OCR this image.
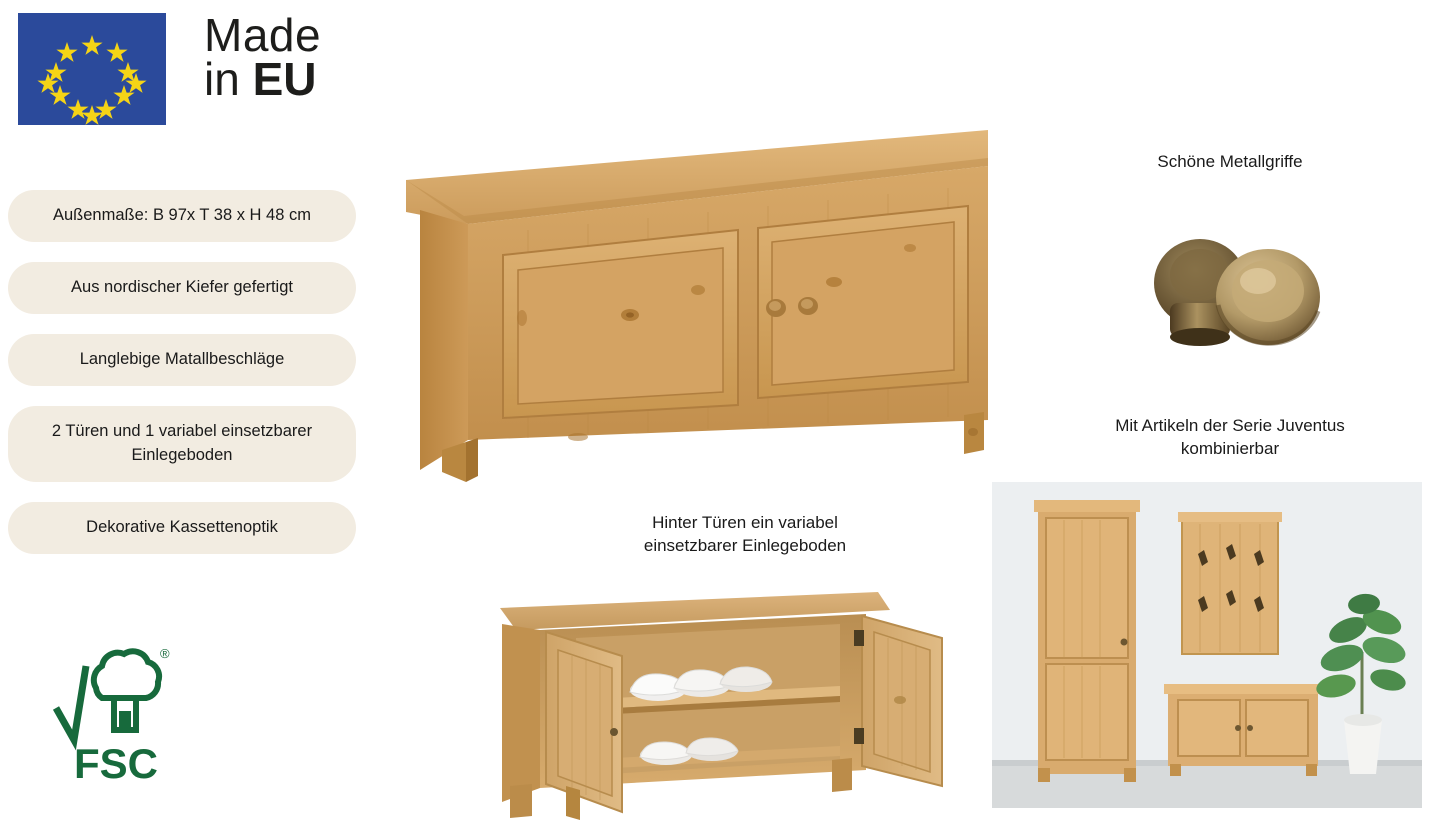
Made
in EU
Außenmaße: B 97x T 38 x H 48 cm
Aus nordischer Kiefer gefertigt
Langlebige Matallbeschläge
2 Türen und 1 variabel einsetzbarer Einlegeboden
Dekorative Kassettenoptik
®
FSC
Schöne Metallgriffe
Mit Artikeln der Serie Juventus
kombinierbar
Hinter Türen ein variabel
einsetzbarer Einlegeboden
